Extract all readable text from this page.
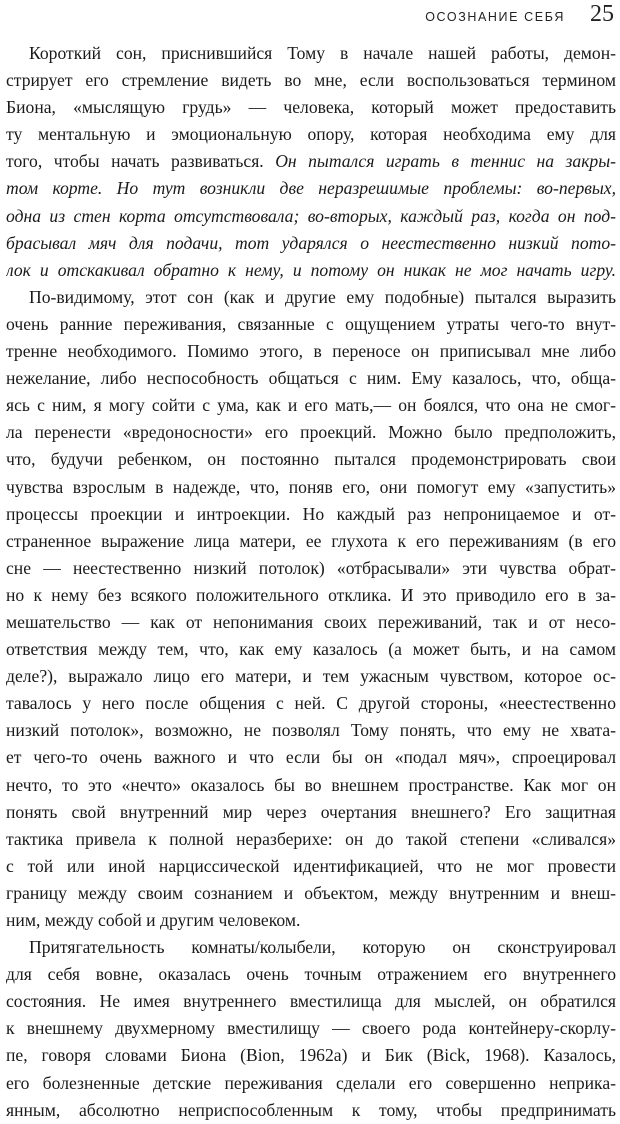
ОСОЗНАНИЕ СЕБЯ 25
Короткий сон, приснившийся Тому в начале нашей работы, демон-
стрирует его стремление видеть во мне, если воспользоваться термином
Биона, «мыслящую грудь» — человека, который может предоставить
ту ментальную и эмоциональную опору, которая необходима ему для
того, чтобы начать развиваться. Он пытался играть в теннис на закры-
том корте. Но тут возникли две неразрешимые проблемы: во-первых,
одна из стен корта отсутствовала; во-вторых, каждый раз, когда он под-
брасывал мяч для подачи, тот ударялся о неестественно низкий пото-
лок и отскакивал обратно к нему, и потому он никак не мог начать игру.
По-видимому, этот сон (как и другие ему подобные) пытался выразить
очень ранние переживания, связанные с ощущением утраты чего-то внут-
тренне необходимого. Помимо этого, в переносе он приписывал мне либо
нежелание, либо неспособность общаться с ним. Ему казалось, что, обща-
ясь с ним, я могу сойти с ума, как и его мать,— он боялся, что она не смог-
ла перенести «вредоносности» его проекций. Можно было предположить,
что, будучи ребенком, он постоянно пытался продемонстрировать свои
чувства взрослым в надежде, что, поняв его, они помогут ему «запустить»
процессы проекции и интроекции. Но каждый раз непроницаемое и от-
страненное выражение лица матери, ее глухота к его переживаниям (в его
сне — неестественно низкий потолок) «отбрасывали» эти чувства обрат-
но к нему без всякого положительного отклика. И это приводило его в за-
мешательство — как от непонимания своих переживаний, так и от несо-
ответствия между тем, что, как ему казалось (а может быть, и на самом
деле?), выражало лицо его матери, и тем ужасным чувством, которое ос-
тавалось у него после общения с ней. С другой стороны, «неестественно
низкий потолок», возможно, не позволял Тому понять, что ему не хвата-
ет чего-то очень важного и что если бы он «подал мяч», спроецировал
нечто, то это «нечто» оказалось бы во внешнем пространстве. Как мог он
понять свой внутренний мир через очертания внешнего? Его защитная
тактика привела к полной неразберихе: он до такой степени «сливался»
с той или иной нарциссической идентификацией, что не мог провести
границу между своим сознанием и объектом, между внутренним и внеш-
ним, между собой и другим человеком.
Притягательность комнаты/колыбели, которую он сконструировал
для себя вовне, оказалась очень точным отражением его внутреннего
состояния. Не имея внутреннего вместилища для мыслей, он обратился
к внешнему двухмерному вместилищу — своего рода контейнеру-скорлу-
пе, говоря словами Биона (Bion, 1962a) и Бик (Bick, 1968). Казалось,
его болезненные детские переживания сделали его совершенно неприка-
янным, абсолютно неприспособленным к тому, чтобы предпринимать
